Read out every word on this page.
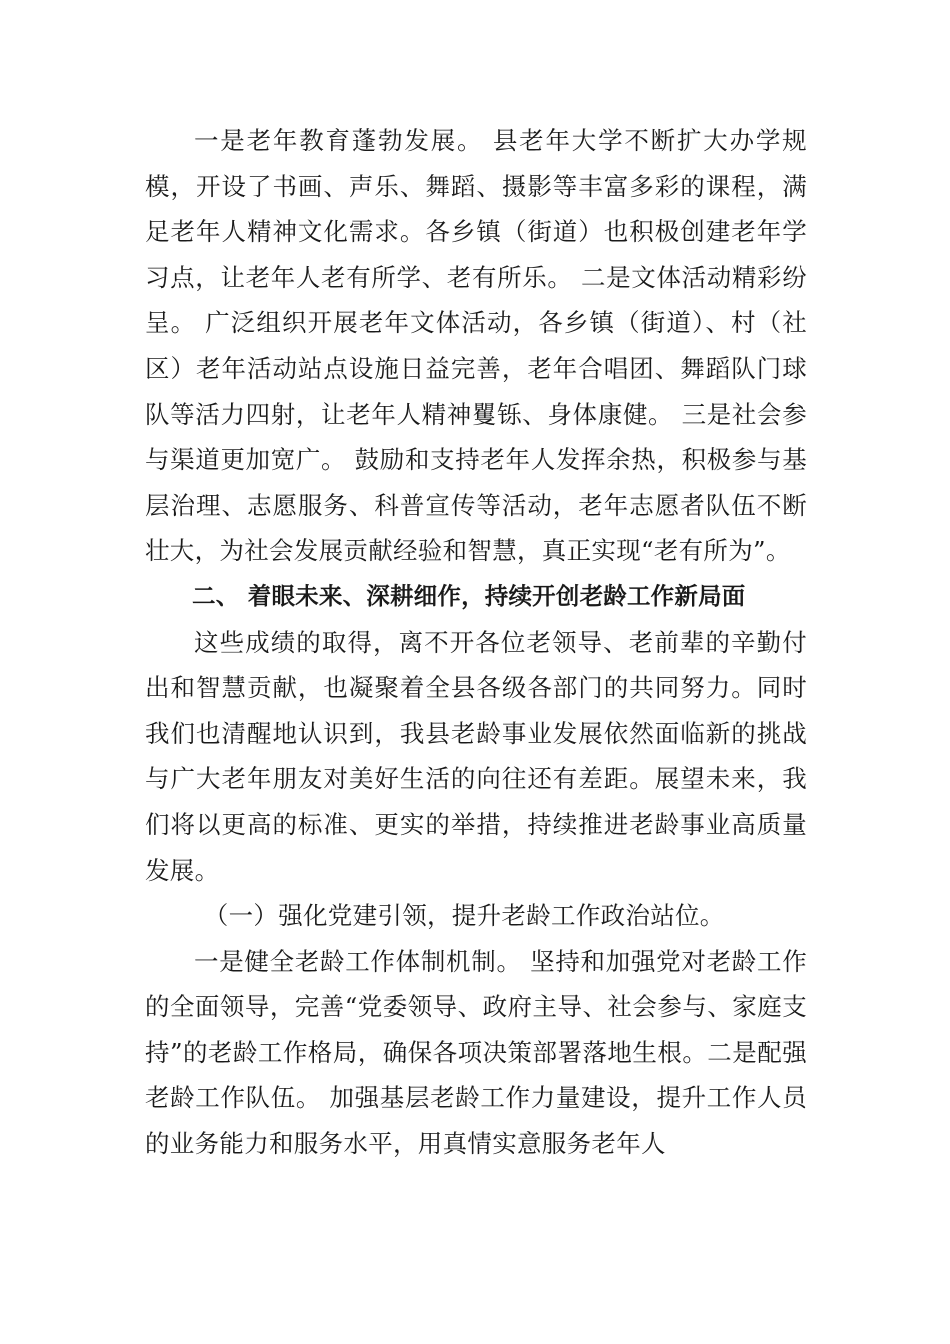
一是老年教育蓬勃发展。 县老年大学不断扩大办学规模，开设了书画、声乐、舞蹈、摄影等丰富多彩的课程，满足老年人精神文化需求。各乡镇（街道）也积极创建老年学习点，让老年人老有所学、老有所乐。 二是文体活动精彩纷呈。 广泛组织开展老年文体活动，各乡镇（街道）、村（社区）老年活动站点设施日益完善，老年合唱团、舞蹈队门球队等活力四射，让老年人精神矍铄、身体康健。 三是社会参与渠道更加宽广。 鼓励和支持老年人发挥余热，积极参与基层治理、志愿服务、科普宣传等活动，老年志愿者队伍不断壮大，为社会发展贡献经验和智慧，真正实现“老有所为”。

二、 着眼未来、深耕细作，持续开创老龄工作新局面

这些成绩的取得，离不开各位老领导、老前辈的辛勤付出和智慧贡献，也凝聚着全县各级各部门的共同努力。同时我们也清醒地认识到，我县老龄事业发展依然面临新的挑战与广大老年朋友对美好生活的向往还有差距。展望未来，我们将以更高的标准、更实的举措，持续推进老龄事业高质量发展。

（一）强化党建引领，提升老龄工作政治站位。

一是健全老龄工作体制机制。 坚持和加强党对老龄工作的全面领导，完善“党委领导、政府主导、社会参与、家庭支持”的老龄工作格局，确保各项决策部署落地生根。二是配强老龄工作队伍。 加强基层老龄工作力量建设，提升工作人员的业务能力和服务水平，用真情实意服务老年人
